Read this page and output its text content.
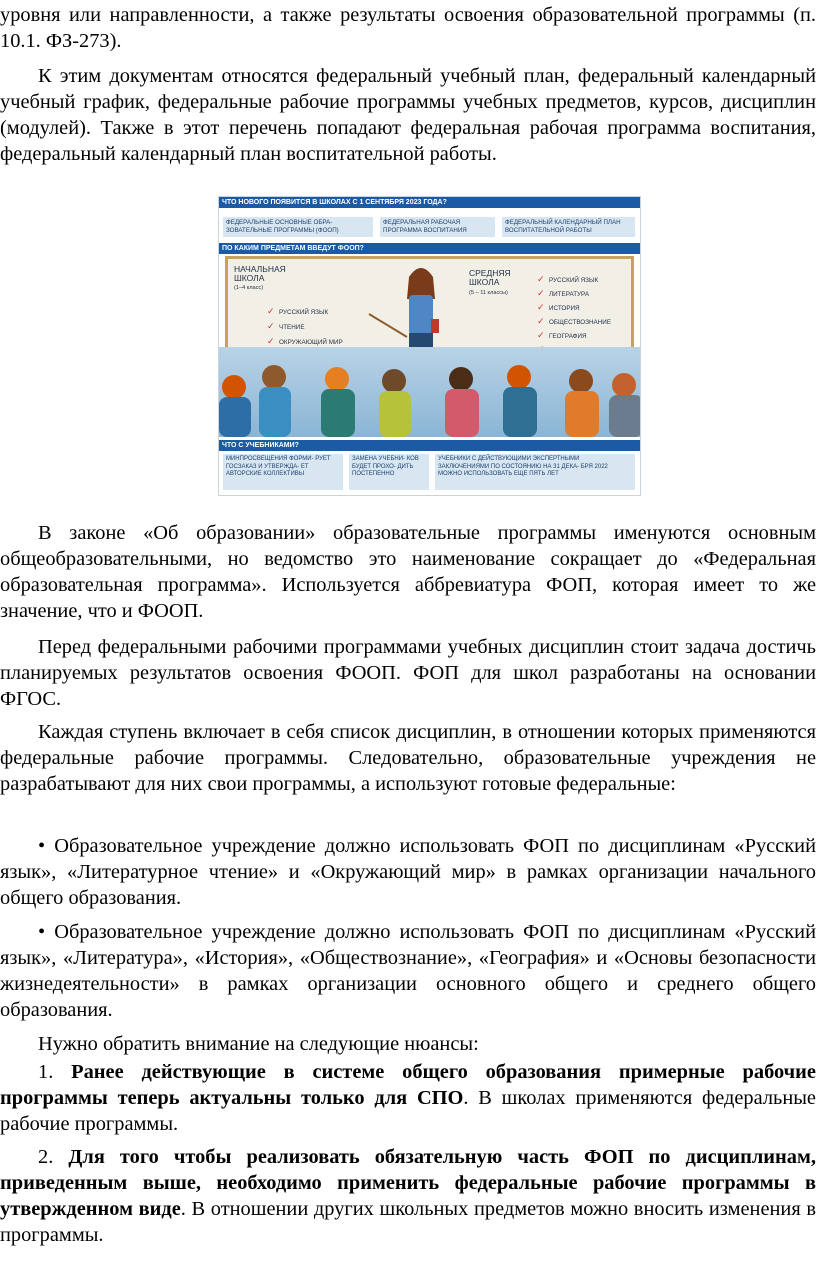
уровня или направленности, а также результаты освоения образовательной программы (п. 10.1. ФЗ-273).

К этим документам относятся федеральный учебный план, федеральный календарный учебный график, федеральные рабочие программы учебных предметов, курсов, дисциплин (модулей). Также в этот перечень попадают федеральная рабочая программа воспитания, федеральный календарный план воспитательной работы.

ЧТО НОВОГО ПОЯВИТСЯ В ШКОЛАХ С 1 СЕНТЯБРЯ 2023 ГОДА?
ФЕДЕРАЛЬНЫЕ ОСНОВНЫЕ ОБРА- ЗОВАТЕЛЬНЫЕ ПРОГРАММЫ (ФООП)
ФЕДЕРАЛЬНАЯ РАБОЧАЯ ПРОГРАММА ВОСПИТАНИЯ
ФЕДЕРАЛЬНЫЙ КАЛЕНДАРНЫЙ ПЛАН ВОСПИТАТЕЛЬНОЙ РАБОТЫ
ПО КАКИМ ПРЕДМЕТАМ ВВЕДУТ ФООП?
НАЧАЛЬНАЯ
ШКОЛА
(1–4 класс)
✓ РУССКИЙ ЯЗЫК
✓ ЧТЕНИЕ
✓ ОКРУЖАЮЩИЙ МИР
СРЕДНЯЯ
ШКОЛА
(5 – 11 классы)
✓ РУССКИЙ ЯЗЫК
✓ ЛИТЕРАТУРА
✓ ИСТОРИЯ
✓ ОБЩЕСТВОЗНАНИЕ
✓ ГЕОГРАФИЯ
ЧТО С УЧЕБНИКАМИ?
МИНПРОСВЕЩЕНИЯ ФОРМИ- РУЕТ ГОСЗАКАЗ И УТВЕРЖДА- ЕТ АВТОРСКИЕ КОЛЛЕКТИВЫ
ЗАМЕНА УЧЕБНИ- КОВ БУДЕТ ПРОХО- ДИТЬ ПОСТЕПЕННО
УЧЕБНИКИ С ДЕЙСТВУЮЩИМИ ЭКСПЕРТНЫМИ ЗАКЛЮЧЕНИЯМИ ПО СОСТОЯНИЮ НА 31 ДЕКА- БРЯ 2022 МОЖНО ИСПОЛЬЗОВАТЬ ЕЩЕ ПЯТЬ ЛЕТ

В законе «Об образовании» образовательные программы именуются основным общеобразовательными, но ведомство это наименование сокращает до «Федеральная образовательная программа». Используется аббревиатура ФОП, которая имеет то же значение, что и ФООП.

Перед федеральными рабочими программами учебных дисциплин стоит задача достичь планируемых результатов освоения ФООП. ФОП для школ разработаны на основании ФГОС.

Каждая ступень включает в себя список дисциплин, в отношении которых применяются федеральные рабочие программы. Следовательно, образовательные учреждения не разрабатывают для них свои программы, а используют готовые федеральные:

• Образовательное учреждение должно использовать ФОП по дисциплинам «Русский язык», «Литературное чтение» и «Окружающий мир» в рамках организации начального общего образования.

• Образовательное учреждение должно использовать ФОП по дисциплинам «Русский язык», «Литература», «История», «Обществознание», «География» и «Основы безопасности жизнедеятельности» в рамках организации основного общего и среднего общего образования.

Нужно обратить внимание на следующие нюансы:

1. Ранее действующие в системе общего образования примерные рабочие программы теперь актуальны только для СПО. В школах применяются федеральные рабочие программы.

2. Для того чтобы реализовать обязательную часть ФОП по дисциплинам, приведенным выше, необходимо применить федеральные рабочие программы в утвержденном виде. В отношении других школьных предметов можно вносить изменения в программы.
